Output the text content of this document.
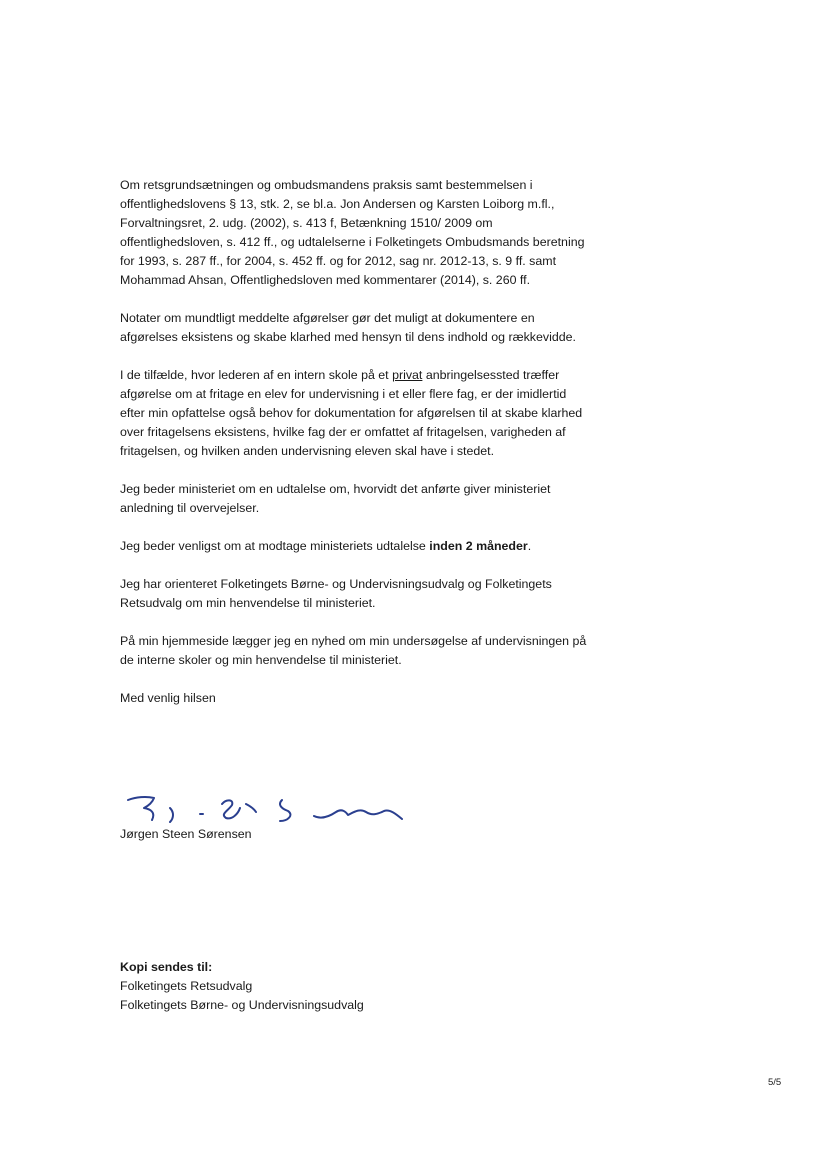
Om retsgrundsætningen og ombudsmandens praksis samt bestemmelsen i offentlighedslovens § 13, stk. 2, se bl.a. Jon Andersen og Karsten Loiborg m.fl., Forvaltningsret, 2. udg. (2002), s. 413 f, Betænkning 1510/ 2009 om offentlighedsloven, s. 412 ff., og udtalelserne i Folketingets Ombudsmands beretning for 1993, s. 287 ff., for 2004, s. 452 ff. og for 2012, sag nr. 2012-13, s. 9 ff. samt Mohammad Ahsan, Offentlighedsloven med kommentarer (2014), s. 260 ff.

Notater om mundtligt meddelte afgørelser gør det muligt at dokumentere en afgørelses eksistens og skabe klarhed med hensyn til dens indhold og rækkevidde.

I de tilfælde, hvor lederen af en intern skole på et privat anbringelsessted træffer afgørelse om at fritage en elev for undervisning i et eller flere fag, er der imidlertid efter min opfattelse også behov for dokumentation for afgørelsen til at skabe klarhed over fritagelsens eksistens, hvilke fag der er omfattet af fritagelsen, varigheden af fritagelsen, og hvilken anden undervisning eleven skal have i stedet.

Jeg beder ministeriet om en udtalelse om, hvorvidt det anførte giver ministeriet anledning til overvejelser.

Jeg beder venligst om at modtage ministeriets udtalelse inden 2 måneder.

Jeg har orienteret Folketingets Børne- og Undervisningsudvalg og Folketingets Retsudvalg om min henvendelse til ministeriet.

På min hjemmeside lægger jeg en nyhed om min undersøgelse af undervisningen på de interne skoler og min henvendelse til ministeriet.

Med venlig hilsen

Jørgen Steen Sørensen
Kopi sendes til:
Folketingets Retsudvalg
Folketingets Børne- og Undervisningsudvalg
5/5
